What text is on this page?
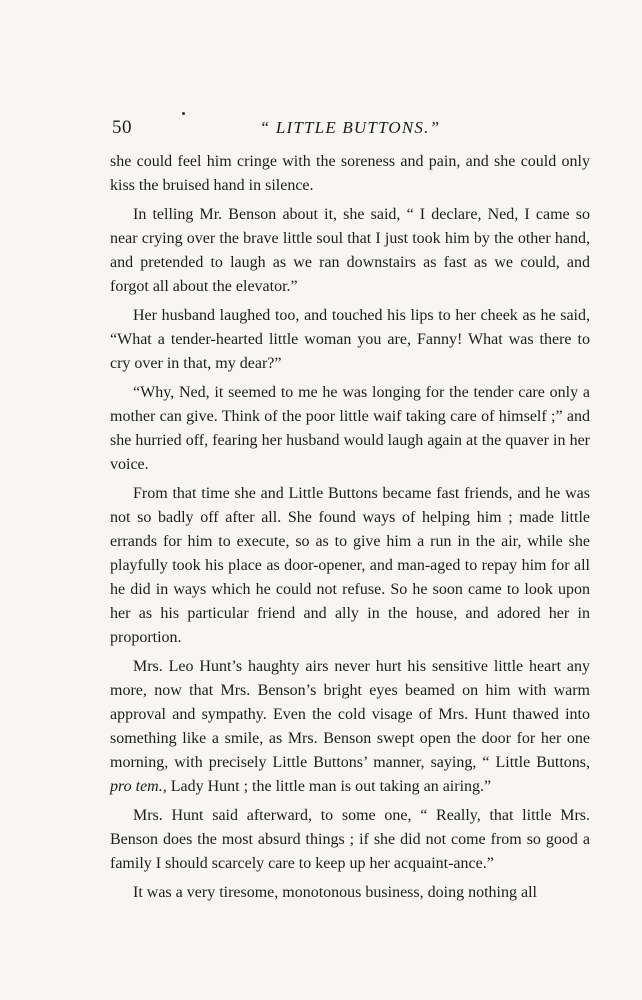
50	“ LITTLE BUTTONS.”

she could feel him cringe with the soreness and pain, and she could only kiss the bruised hand in silence.

In telling Mr. Benson about it, she said, “ I declare, Ned, I came so near crying over the brave little soul that I just took him by the other hand, and pretended to laugh as we ran downstairs as fast as we could, and forgot all about the elevator.”

Her husband laughed too, and touched his lips to her cheek as he said, “What a tender-hearted little woman you are, Fanny! What was there to cry over in that, my dear?”

“Why, Ned, it seemed to me he was longing for the tender care only a mother can give. Think of the poor little waif taking care of himself ;” and she hurried off, fearing her husband would laugh again at the quaver in her voice.

From that time she and Little Buttons became fast friends, and he was not so badly off after all. She found ways of helping him ; made little errands for him to execute, so as to give him a run in the air, while she playfully took his place as door-opener, and man-aged to repay him for all he did in ways which he could not refuse. So he soon came to look upon her as his particular friend and ally in the house, and adored her in proportion.

Mrs. Leo Hunt’s haughty airs never hurt his sensitive little heart any more, now that Mrs. Benson’s bright eyes beamed on him with warm approval and sympathy. Even the cold visage of Mrs. Hunt thawed into something like a smile, as Mrs. Benson swept open the door for her one morning, with precisely Little Buttons’ manner, saying, “ Little Buttons, pro tem., Lady Hunt ; the little man is out taking an airing.”

Mrs. Hunt said afterward, to some one, “ Really, that little Mrs. Benson does the most absurd things ; if she did not come from so good a family I should scarcely care to keep up her acquaint-ance.”

It was a very tiresome, monotonous business, doing nothing all
